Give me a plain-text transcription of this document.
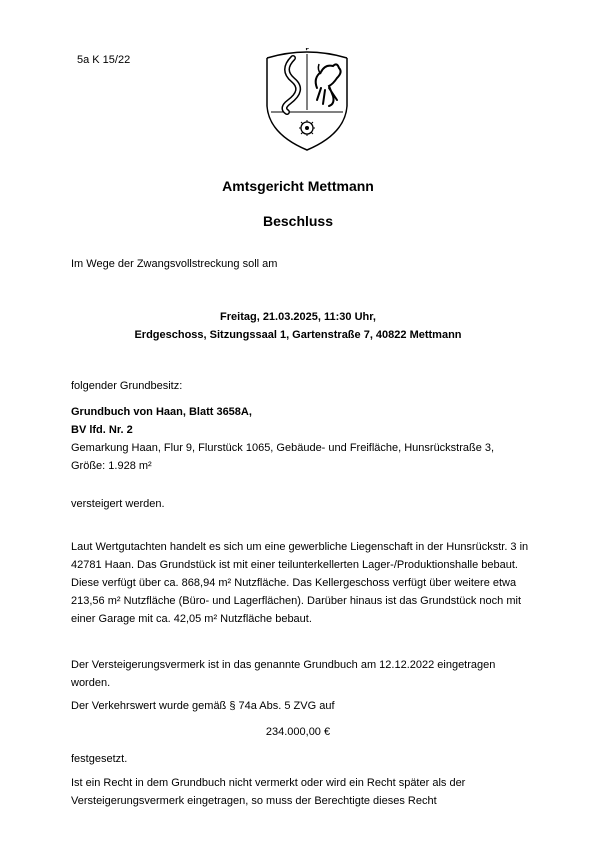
5a K 15/22
Amtsgericht Mettmann
Beschluss
Im Wege der Zwangsvollstreckung soll am
Freitag, 21.03.2025, 11:30 Uhr,
Erdgeschoss, Sitzungssaal 1, Gartenstraße 7, 40822 Mettmann
folgender Grundbesitz:
Grundbuch von Haan, Blatt 3658A,
BV lfd. Nr. 2
Gemarkung Haan, Flur 9, Flurstück 1065, Gebäude- und Freifläche, Hunsrückstraße 3, Größe: 1.928 m²
versteigert werden.
Laut Wertgutachten handelt es sich um eine gewerbliche Liegenschaft in der Hunsrückstr. 3 in 42781 Haan. Das Grundstück ist mit einer teilunterkellerten Lager-/Produktionshalle bebaut. Diese verfügt über ca. 868,94 m² Nutzfläche. Das Kellergeschoss verfügt über weitere etwa 213,56 m² Nutzfläche (Büro- und Lagerflächen). Darüber hinaus ist das Grundstück noch mit einer Garage mit ca. 42,05 m² Nutzfläche bebaut.
Der Versteigerungsvermerk ist in das genannte Grundbuch am 12.12.2022 eingetragen worden.
Der Verkehrswert wurde gemäß § 74a Abs. 5 ZVG auf
234.000,00 €
festgesetzt.
Ist ein Recht in dem Grundbuch nicht vermerkt oder wird ein Recht später als der Versteigerungsvermerk eingetragen, so muss der Berechtigte dieses Recht
